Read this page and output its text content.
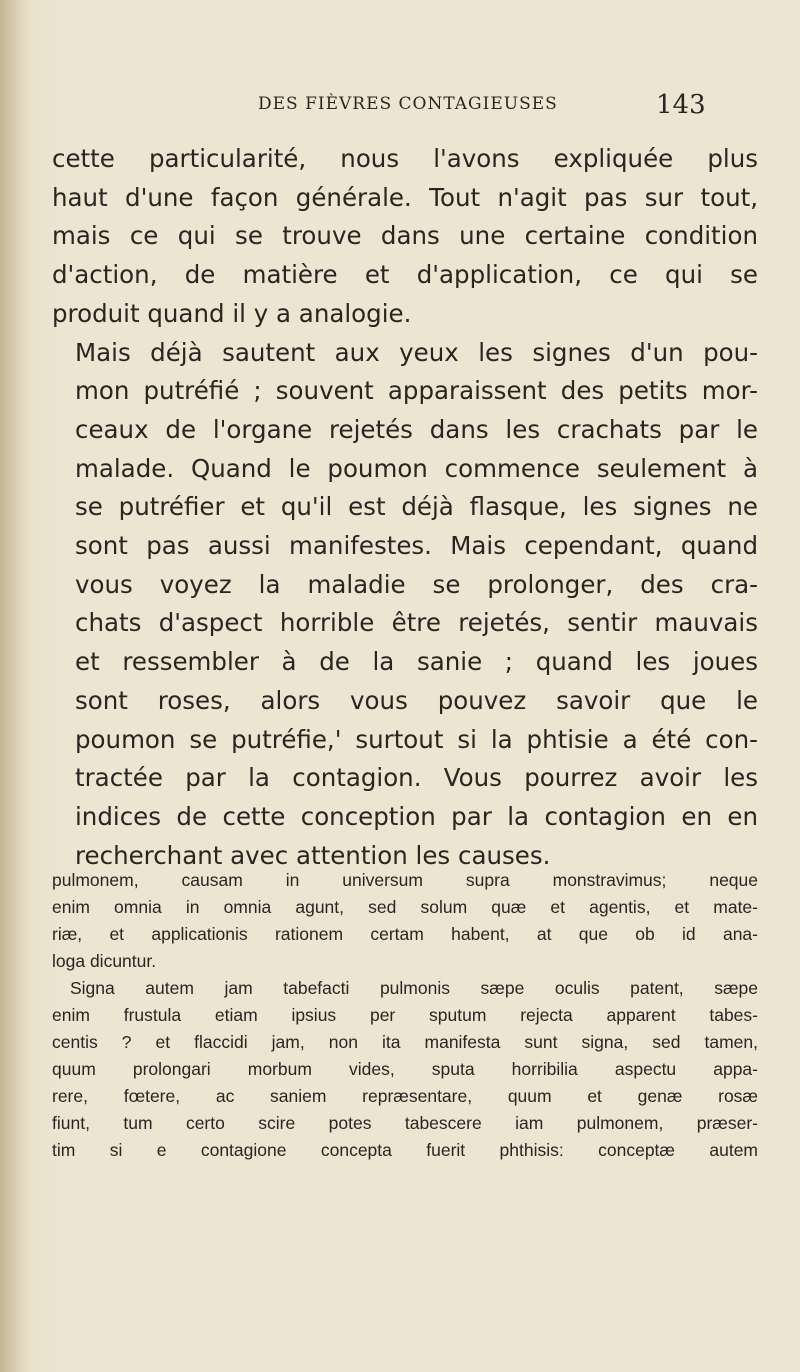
DES FIÈVRES CONTAGIEUSES	143

cette particularité, nous l'avons expliquée plus
haut d'une façon générale. Tout n'agit pas sur tout,
mais ce qui se trouve dans une certaine condition
d'action, de matière et d'application, ce qui se
produit quand il y a analogie.

Mais déjà sautent aux yeux les signes d'un pou-
mon putréfié ; souvent apparaissent des petits mor-
ceaux de l'organe rejetés dans les crachats par le
malade. Quand le poumon commence seulement à
se putréfier et qu'il est déjà flasque, les signes ne
sont pas aussi manifestes. Mais cependant, quand
vous voyez la maladie se prolonger, des cra-
chats d'aspect horrible être rejetés, sentir mauvais
et ressembler à de la sanie ; quand les joues
sont roses, alors vous pouvez savoir que le
poumon se putréfie,' surtout si la phtisie a été con-
tractée par la contagion. Vous pourrez avoir les
indices de cette conception par la contagion en en
recherchant avec attention les causes.

pulmonem, causam in universum supra monstravimus; neque
enim omnia in omnia agunt, sed solum quæ et agentis, et mate-
riæ, et applicationis rationem certam habent, at que ob id ana-
loga dicuntur.

Signa autem jam tabefacti pulmonis sæpe oculis patent, sæpe
enim frustula etiam ipsius per sputum rejecta apparent tabes-
centis ? et flaccidi jam, non ita manifesta sunt signa, sed tamen,
quum prolongari morbum vides, sputa horribilia aspectu appa-
rere, fœtere, ac saniem repræsentare, quum et genæ rosæ
fiunt, tum certo scire potes tabescere iam pulmonem, præser-
tim si e contagione concepta fuerit phthisis: conceptæ autem
